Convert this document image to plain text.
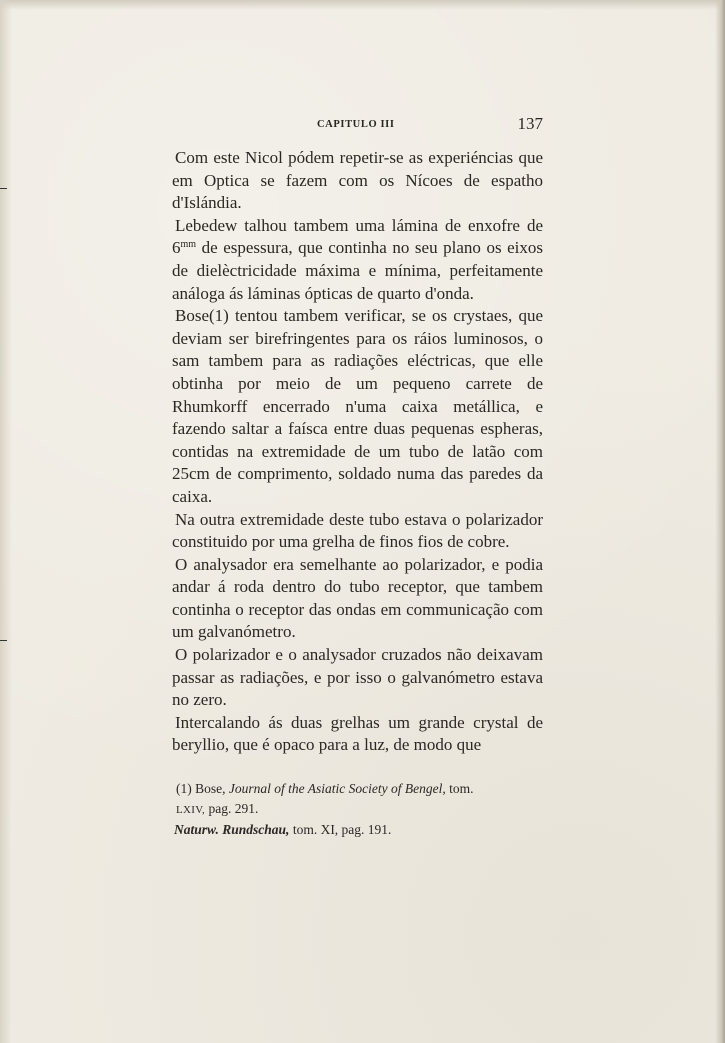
CAPITULO III	137

Com este Nicol pódem repetir-se as experiéncias que em Optica se fazem com os Nícoes de espatho d'Islándia.

Lebedew talhou tambem uma lámina de enxofre de $6^{mm}$ de espessura, que continha no seu plano os eixos de dielèctricidade máxima e mínima, perfeitamente análoga ás láminas ópticas de quarto d'onda.

Bose(1) tentou tambem verificar, se os crystaes, que deviam ser birefringentes para os ráios luminosos, o sam tambem para as radiações eléctricas, que elle obtinha por meio de um pequeno carrete de Rhumkorff encerrado n'uma caixa metállica, e fazendo saltar a faísca entre duas pequenas espheras, contidas na extremidade de um tubo de latão com 25cm de comprimento, soldado numa das paredes da caixa.

Na outra extremidade deste tubo estava o polarizador constituido por uma grelha de finos fios de cobre.

O analysador era semelhante ao polarizador, e podia andar á roda dentro do tubo receptor, que tambem continha o receptor das ondas em communicação com um galvanómetro.

O polarizador e o analysador cruzados não deixavam passar as radiações, e por isso o galvanómetro estava no zero.

Intercalando ás duas grelhas um grande crystal de beryllio, que é opaco para a luz, de modo que

(1) Bose, Journal of the Asiatic Society of Bengel, tom.
LXIV, pag. 291.

Naturw. Rundschau, tom. XI, pag. 191.
